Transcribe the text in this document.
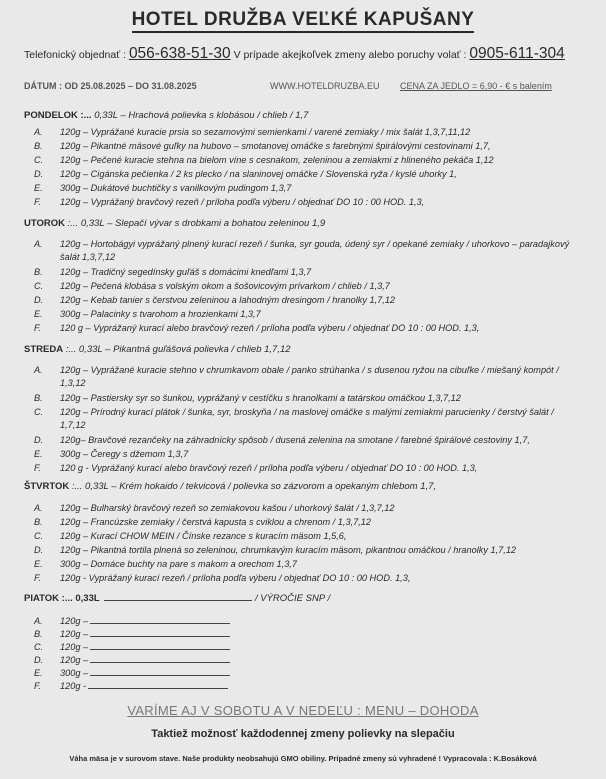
HOTEL DRUŽBA VEĽKÉ KAPUŠANY
Telefonický objednať : 056-638-51-30 V prípade akejkoľvek zmeny alebo poruchy volať : 0905-611-304
DÁTUM : OD 25.08.2025 – DO 31.08.2025	WWW.HOTELDRUZBA.EU CENA ZA JEDLO = 6,90 - € s balením
PONDELOK :... 0,33L – Hrachová polievka s klobásou / chlieb / 1,7
A. 120g – Vyprážané kuracie prsia so sezamovými semienkami / varené zemiaky / mix šalát 1,3,7,11,12
B. 120g – Pikantné mäsové guľky na hubovo – smotanovej omáčke s farebnými špirálovými cestovinami 1,7,
C. 120g – Pečené kuracie stehna na bielom víne s cesnakom, zeleninou a zemiakmi z hlineného pekáča 1,12
D. 120g – Cigánska pečienka / 2 ks plecko / na slaninovej omáčke / Slovenská ryža / kyslé uhorky 1,
E. 300g – Dukátové buchtičky s vanilkovým pudingom 1,3,7
F. 120g – Vyprážaný bravčový rezeň / príloha podľa výberu / objednať DO 10 : 00 HOD. 1,3,
UTOROK :... 0,33L – Slepačí vývar s drobkami a bohatou zeleninou 1,9
A. 120g – Hortobágyi vyprážaný plnený kurací rezeň / šunka, syr gouda, údený syr / opekané zemiaky / uhorkovo – paradajkový šalát 1,3,7,12
B. 120g – Tradičný segedínsky guľáš s domácimi knedľami 1,3,7
C. 120g – Pečená klobása s volským okom a šošovicovým prívarkom / chlieb / 1,3,7
D. 120g – Kebab tanier s čerstvou zeleninou a lahodným dresingom / hranolky 1,7,12
E. 300g – Palacinky s tvarohom a hrozienkami 1,3,7
F. 120 g – Vyprážaný kurací alebo bravčový rezeň / príloha podľa výberu / objednať DO 10 : 00 HOD. 1,3,
STREDA :... 0,33L – Pikantná guľášová polievka / chlieb 1,7,12
A. 120g – Vyprážané kuracie stehno v chrumkavom obale / panko strúhanka / s dusenou ryžou na cibuľke / miešaný kompót / 1,3,12
B. 120g – Pastiersky syr so šunkou, vyprážaný v cestíčku s hranolkami a tatárskou omáčkou 1,3,7,12
C. 120g – Prírodný kurací plátok / šunka, syr, broskyňa / na maslovej omáčke s malými zemiakmi parucienky / čerstvý šalát / 1,7,12
D. 120g– Bravčové rezančeky na záhradnícky spôsob / dusená zelenina na smotane / farebné špirálové cestoviny 1,7,
E. 300g – Čeregy s džemom 1,3,7
F. 120 g - Vyprážaný kurací alebo bravčový rezeň / príloha podľa výberu / objednať DO 10 : 00 HOD. 1,3,
ŠTVRTOK :... 0,33L – Krém hokaido / tekvicová / polievka so zázvorom a opekaným chlebom 1,7,
A. 120g – Bulharský bravčový rezeň so zemiakovou kašou / uhorkový šalát / 1,3,7,12
B. 120g – Francúzske zemiaky / čerstvá kapusta s cviklou a chrenom / 1,3,7,12
C. 120g – Kurací CHOW MEIN / Čínske rezance s kuracím mäsom 1,5,6,
D. 120g – Pikantná tortila plnená so zeleninou, chrumkavým kuracím mäsom, pikantnou omáčkou / hranolky 1,7,12
E. 300g – Domáce buchty na pare s makom a orechom 1,3,7
F. 120g - Vyprážaný kurací rezeň / príloha podľa výberu / objednať DO 10 : 00 HOD. 1,3,
PIATOK :... 0,33L	/ VÝROČIE SNP /
A. 120g –
B. 120g –
C. 120g –
D. 120g –
E. 300g –
F. 120g -
VARÍME AJ V SOBOTU A V NEDEĽU : MENU – DOHODA
Taktiež možnosť každodennej zmeny polievky na slepačiu
Váha mäsa je v surovom stave. Naše produkty neobsahujú GMO obiliny. Prípadné zmeny sú vyhradené ! Vypracovala : K.Bosáková
